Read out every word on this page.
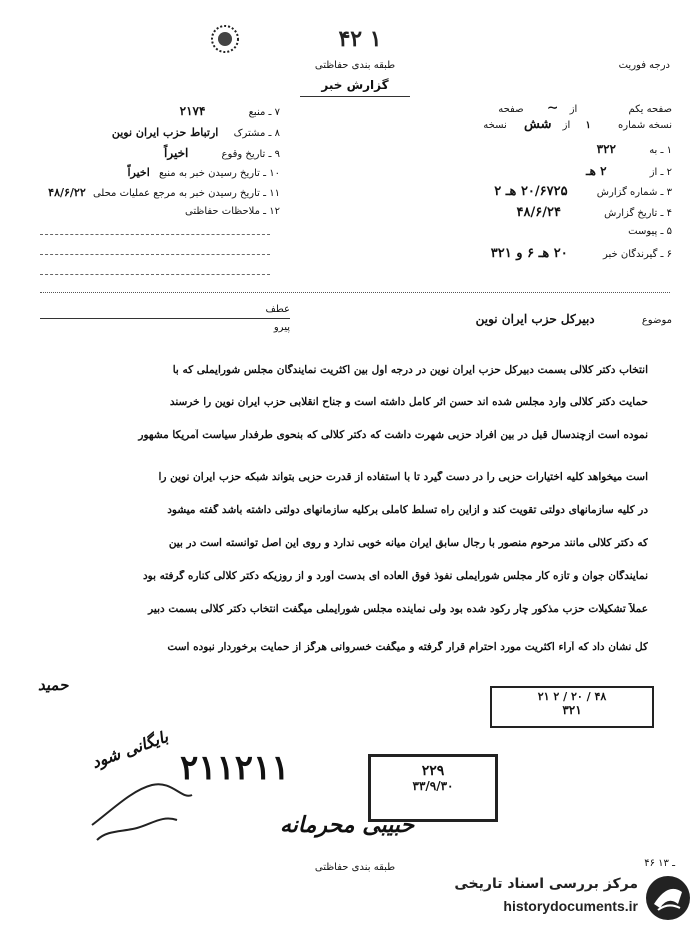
۴۲ ۱
طبقه بندی حفاظتی
گزارش خبر
درجه فوریت
صفحه یکم از ∽ صفحه
نسخه شماره ۱ از شش نسخه
۱ ـ به ۳۲۲
۲ ـ از ۲ هـ
۳ ـ شماره گزارش ۲۰/۶۷۲۵ هـ ۲
۴ ـ تاریخ گزارش ۴۸/۶/۲۴
۵ ـ پیوست
۶ ـ گیرندگان خبر ۲۰ هـ ۶ و ۳۲۱
۷ ـ منبع ۲۱۷۴
۸ ـ مشترک ارتباط حزب ایران نوین
۹ ـ تاریخ وقوع اخیراً
۱۰ ـ تاریخ رسیدن خبر به منبع اخیراً
۱۱ ـ تاریخ رسیدن خبر به مرجع عملیات محلی ۴۸/۶/۲۲
۱۲ ـ ملاحظات حفاظتی
عطف
پیرو
موضوع دبیرکل حزب ایران نوین
انتخاب دکتر کلالی بسمت دبیرکل حزب ایران نوین در درجه اول بین اکثریت نمایندگان مجلس شورایملی که با
حمایت دکتر کلالی وارد مجلس شده اند حسن اثر کامل داشته است و جناح انقلابی حزب ایران نوین را خرسند
نموده است ازچندسال قبل در بین افراد حزبی شهرت داشت که دکتر کلالی که بنحوی طرفدار سیاست آمریکا مشهور
است میخواهد کلیه اختیارات حزبی را در دست گیرد تا با استفاده از قدرت حزبی بتواند شبکه حزب ایران نوین را
در کلیه سازمانهای دولتی تقویت کند و ازاین راه تسلط کاملی برکلیه سازمانهای دولتی داشته باشد گفته میشود
که دکتر کلالی مانند مرحوم منصور با رجال سابق ایران میانه خوبی ندارد و روی این اصل توانسته است در بین
نمایندگان جوان و تازه کار مجلس شورایملی نفوذ فوق العاده ای بدست آورد و از روزیکه دکتر کلالی کناره گرفته بود
عملاً تشکیلات حزب مذکور چار رکود شده بود ولی نماینده مجلس شورایملی میگفت انتخاب دکتر کلالی بسمت دبیر
کل نشان داد که آراء اکثریت مورد احترام قرار گرفته و میگفت خسروانی هرگز از حمایت برخوردار نبوده است
حمید
۲۱ ۲ / ۲۰ / ۴۸
۳۲۱
۲۱۱۲۱۱	۲۲۹
۳۳/۹/۳۰
بایگانی شود
حبیبی محرمانه
طبقه بندی حفاظتی	۴۶ ـ ۱۳
مرکز بررسی اسناد تاریخی
historydocuments.ir
